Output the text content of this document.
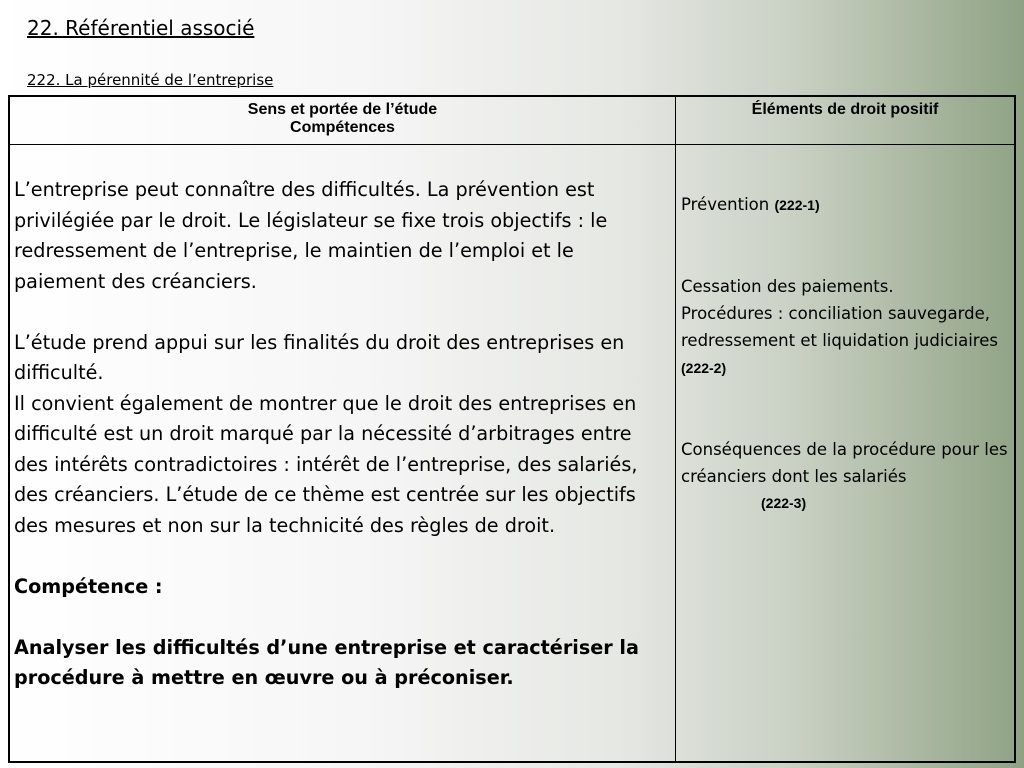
22. Référentiel associé
222. La pérennité de l’entreprise
Sens et portée de l’étude
Compétences
Éléments de droit positif

L’entreprise peut connaître des difficultés. La prévention est privilégiée par le droit. Le législateur se fixe trois objectifs : le redressement de l’entreprise, le maintien de l’emploi et le paiement des créanciers.

L’étude prend appui sur les finalités du droit des entreprises en difficulté.

Il convient également de montrer que le droit des entreprises en difficulté est un droit marqué par la nécessité d’arbitrages entre des intérêts contradictoires : intérêt de l’entreprise, des salariés, des créanciers. L’étude de ce thème est centrée sur les objectifs des mesures et non sur la technicité des règles de droit.

Compétence :

Analyser les difficultés d’une entreprise et caractériser la procédure à mettre en œuvre ou à préconiser.

Prévention (222-1)

Cessation des paiements.

Procédures : conciliation sauvegarde, redressement et liquidation judiciaires (222-2)

Conséquences de la procédure pour les créanciers dont les salariés

(222-3)
